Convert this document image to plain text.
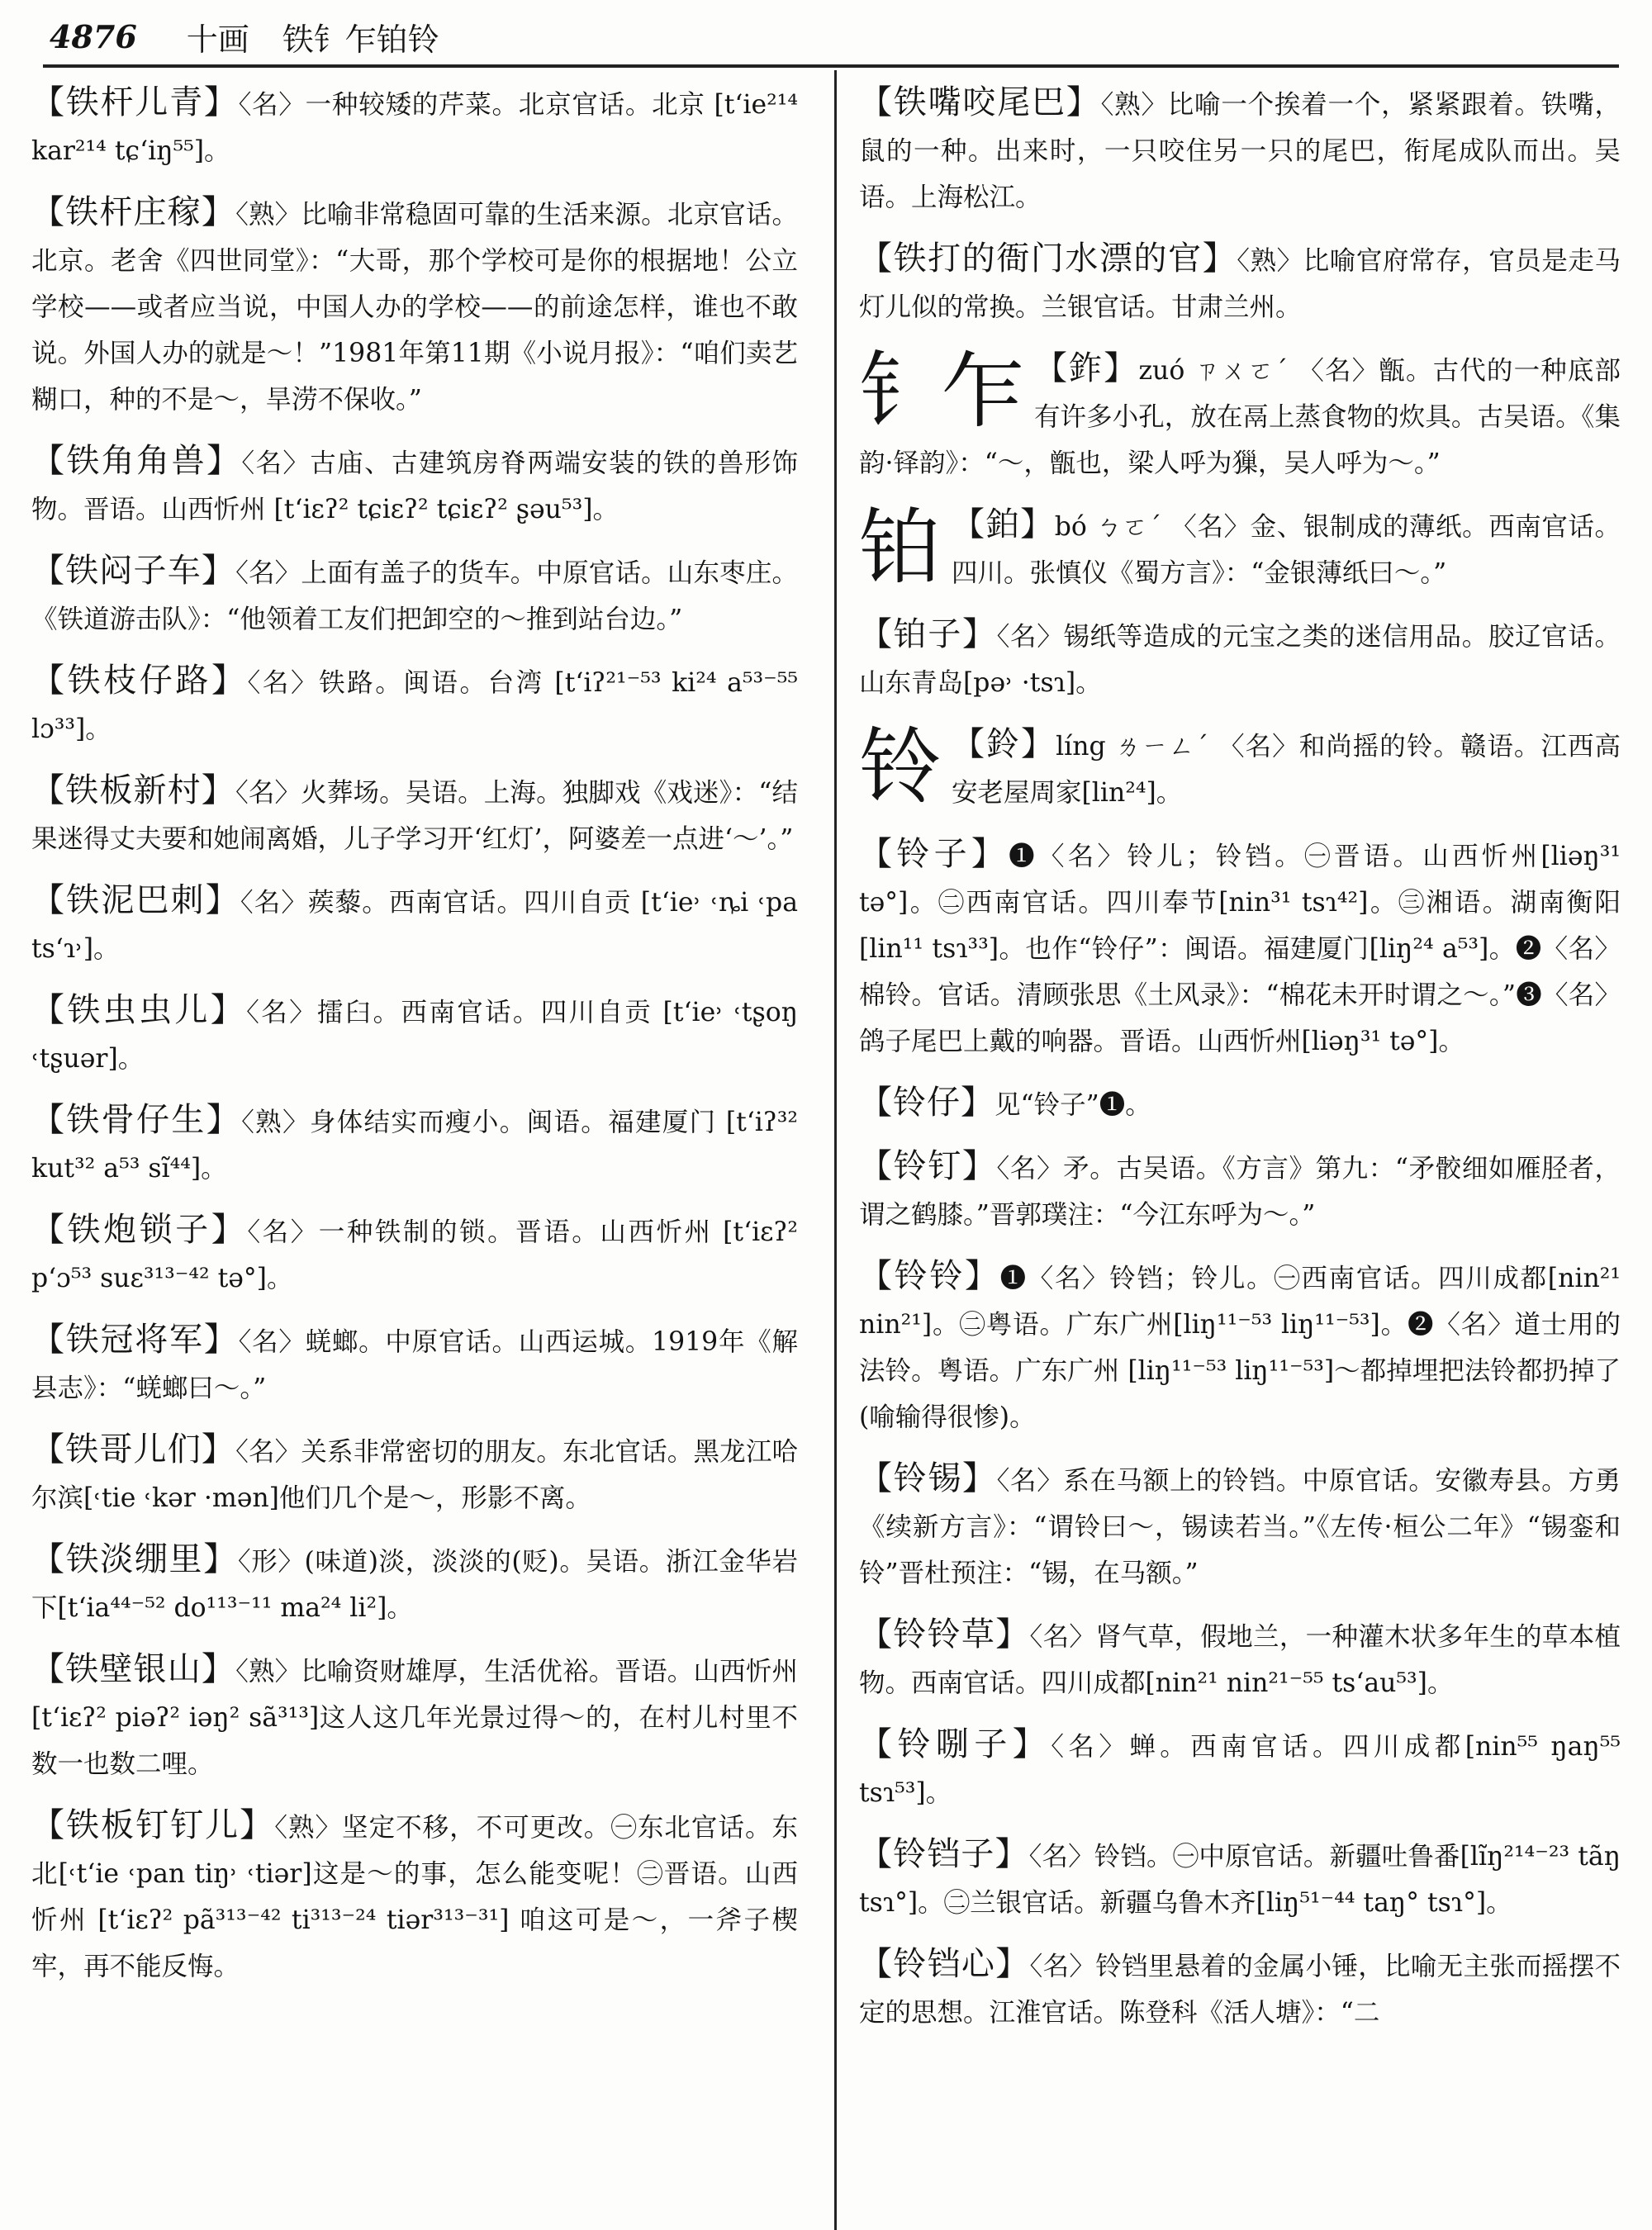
4876 十画 铁钅乍铂铃
【铁杆儿青】〈名〉一种较矮的芹菜。北京官话。北京 [t‘ie²¹⁴ kar²¹⁴ tɕ‘iŋ⁵⁵]。
【铁杆庄稼】〈熟〉比喻非常稳固可靠的生活来源。北京官话。北京。老舍《四世同堂》：“大哥，那个学校可是你的根据地！公立学校——或者应当说，中国人办的学校——的前途怎样，谁也不敢说。外国人办的就是～！”1981年第11期《小说月报》：“咱们卖艺糊口，种的不是～，旱涝不保收。”
【铁角角兽】〈名〉古庙、古建筑房脊两端安装的铁的兽形饰物。晋语。山西忻州 [t‘iɛʔ² tɕiɛʔ² tɕiɛʔ² ʂəu⁵³]。
【铁闷子车】〈名〉上面有盖子的货车。中原官话。山东枣庄。《铁道游击队》：“他领着工友们把卸空的～推到站台边。”
【铁枝仔路】〈名〉铁路。闽语。台湾 [t‘iʔ²¹⁻⁵³ ki²⁴ a⁵³⁻⁵⁵ lɔ³³]。
【铁板新村】〈名〉火葬场。吴语。上海。独脚戏《戏迷》：“结果迷得丈夫要和她闹离婚，儿子学习开‘红灯’，阿婆差一点进‘～’。”
【铁泥巴刺】〈名〉蒺藜。西南官话。四川自贡 [t‘ie˒ ˓ȵi ˓pa ts‘ɿ˒]。
【铁虫虫儿】〈名〉擂臼。西南官话。四川自贡 [t‘ie˒ ˓tʂoŋ ˓tʂuər]。
【铁骨仔生】〈熟〉身体结实而瘦小。闽语。福建厦门 [t‘iʔ³² kut³² a⁵³ sĩ⁴⁴]。
【铁炮锁子】〈名〉一种铁制的锁。晋语。山西忻州 [t‘iɛʔ² p‘ɔ⁵³ suɛ³¹³⁻⁴² tə°]。
【铁冠将军】〈名〉蜣螂。中原官话。山西运城。1919年《解县志》：“蜣螂曰～。”
【铁哥儿们】〈名〉关系非常密切的朋友。东北官话。黑龙江哈尔滨[˓tie ˓kər ·mən]他们几个是～，形影不离。
【铁淡绷里】〈形〉(味道)淡，淡淡的(贬)。吴语。浙江金华岩下[t‘ia⁴⁴⁻⁵² do¹¹³⁻¹¹ ma²⁴ li²]。
【铁壁银山】〈熟〉比喻资财雄厚，生活优裕。晋语。山西忻州 [t‘iɛʔ² piəʔ² iəŋ² sã³¹³]这人这几年光景过得～的，在村儿村里不数一也数二哩。
【铁板钉钉儿】〈熟〉坚定不移，不可更改。㊀东北官话。东北[˓t‘ie ˓pan tiŋ˒ ˓tiər]这是～的事，怎么能变呢！㊁晋语。山西忻州 [t‘iɛʔ² pã³¹³⁻⁴² ti³¹³⁻²⁴ tiər³¹³⁻³¹] 咱这可是～，一斧子楔牢，再不能反悔。
【铁嘴咬尾巴】〈熟〉比喻一个挨着一个，紧紧跟着。铁嘴，鼠的一种。出来时，一只咬住另一只的尾巴，衔尾成队而出。吴语。上海松江。
【铁打的衙门水漂的官】〈熟〉比喻官府常存，官员是走马灯儿似的常换。兰银官话。甘肃兰州。
钅乍 【鈼】zuó ㄗㄨㄛˊ 〈名〉甑。古代的一种底部有许多小孔，放在鬲上蒸食物的炊具。古吴语。《集韵·铎韵》：“～，甑也，梁人呼为㺐，吴人呼为～。”
铂 【鉑】bó ㄅㄛˊ 〈名〉金、银制成的薄纸。西南官话。四川。张慎仪《蜀方言》：“金银薄纸曰～。”
【铂子】〈名〉锡纸等造成的元宝之类的迷信用品。胶辽官话。山东青岛[pə˒ ·tsɿ]。
铃 【鈴】líng ㄌㄧㄥˊ 〈名〉和尚摇的铃。赣语。江西高安老屋周家[lin²⁴]。
【铃子】❶〈名〉铃儿；铃铛。㊀晋语。山西忻州[liəŋ³¹ tə°]。㊁西南官话。四川奉节[nin³¹ tsɿ⁴²]。㊂湘语。湖南衡阳[lin¹¹ tsɿ³³]。也作“铃仔”：闽语。福建厦门[liŋ²⁴ a⁵³]。❷〈名〉棉铃。官话。清顾张思《土风录》：“棉花未开时谓之～。”❸〈名〉鸽子尾巴上戴的响器。晋语。山西忻州[liəŋ³¹ tə°]。
【铃仔】见“铃子”❶。
【铃钉】〈名〉矛。古吴语。《方言》第九：“矛骹细如雁胫者，谓之鹤膝。”晋郭璞注：“今江东呼为～。”
【铃铃】❶〈名〉铃铛；铃儿。㊀西南官话。四川成都[nin²¹ nin²¹]。㊁粤语。广东广州[liŋ¹¹⁻⁵³ liŋ¹¹⁻⁵³]。❷〈名〉道士用的法铃。粤语。广东广州 [liŋ¹¹⁻⁵³ liŋ¹¹⁻⁵³]～都掉埋把法铃都扔掉了(喻输得很惨)。
【铃锡】〈名〉系在马额上的铃铛。中原官话。安徽寿县。方勇《续新方言》：“谓铃曰～，锡读若当。”《左传·桓公二年》“锡銮和铃”晋杜预注：“锡，在马额。”
【铃铃草】〈名〉肾气草，假地兰，一种灌木状多年生的草本植物。西南官话。四川成都[nin²¹ nin²¹⁻⁵⁵ ts‘au⁵³]。
【铃哵子】〈名〉蝉。西南官话。四川成都[nin⁵⁵ ŋaŋ⁵⁵ tsɿ⁵³]。
【铃铛子】〈名〉铃铛。㊀中原官话。新疆吐鲁番[lĩŋ²¹⁴⁻²³ tãŋ tsɿ°]。㊁兰银官话。新疆乌鲁木齐[liŋ⁵¹⁻⁴⁴ taŋ° tsɿ°]。
【铃铛心】〈名〉铃铛里悬着的金属小锤，比喻无主张而摇摆不定的思想。江淮官话。陈登科《活人塘》：“二
